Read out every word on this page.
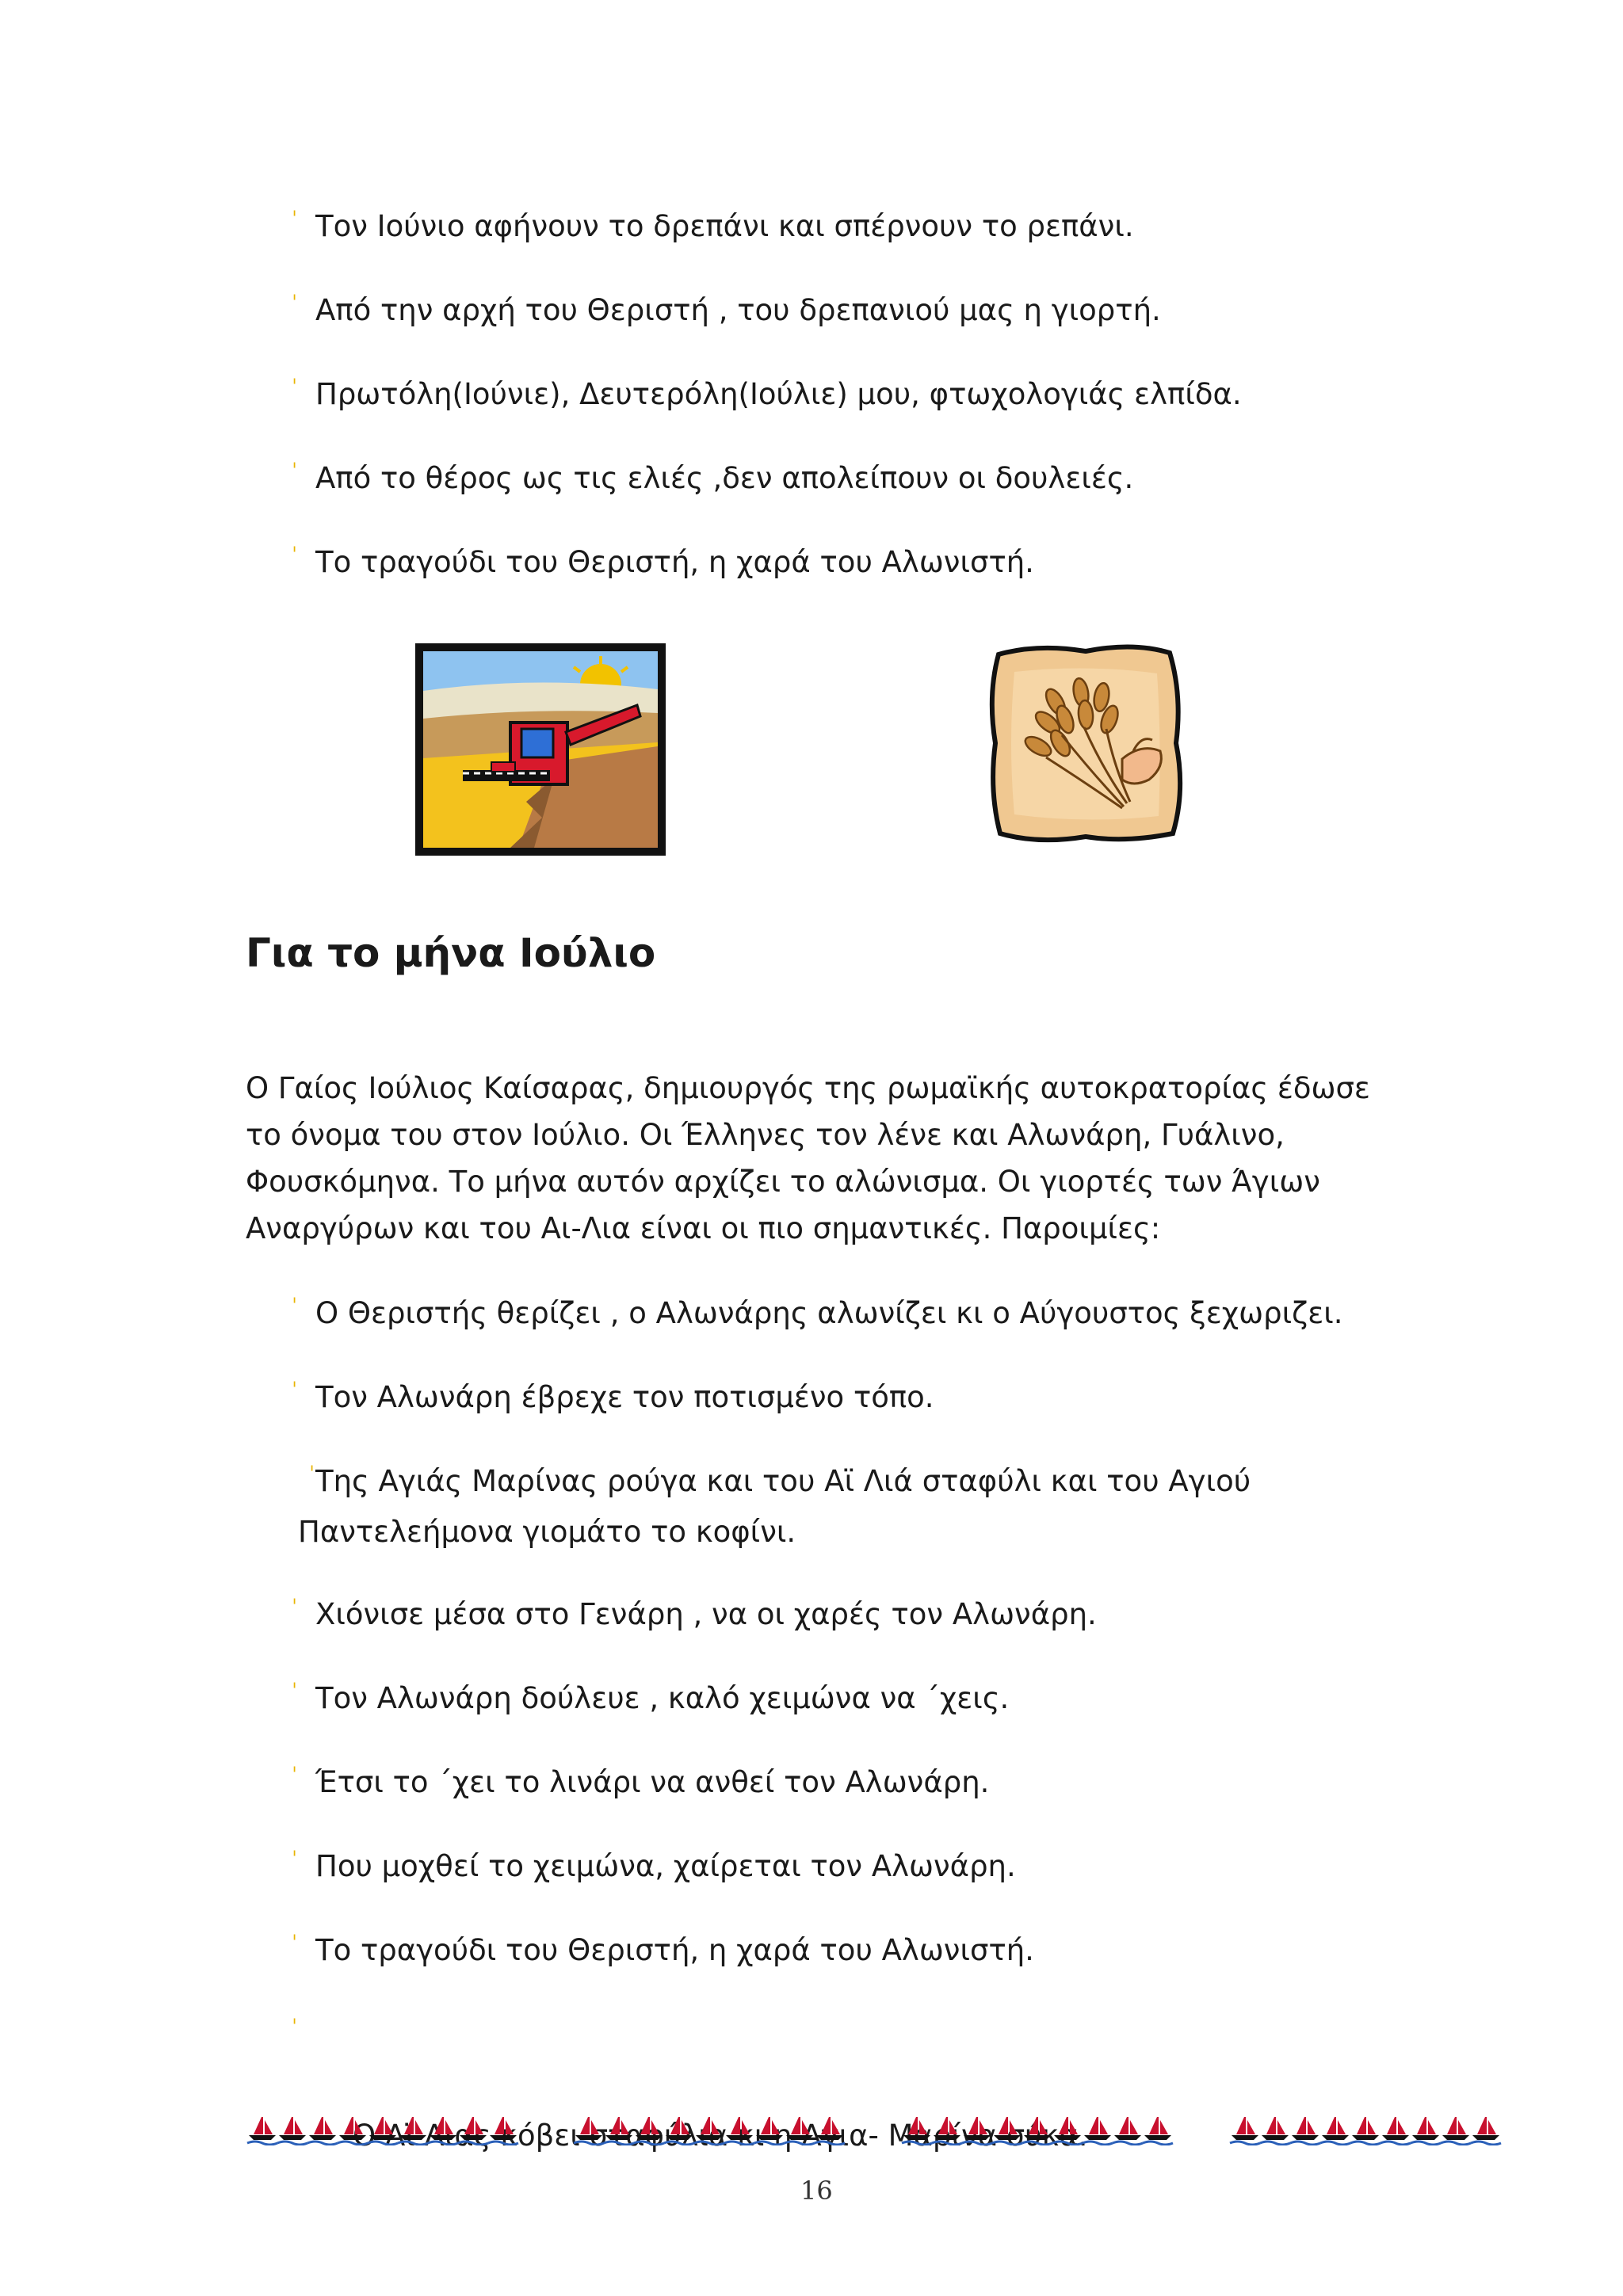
ˈ Τον Ιούνιο αφήνουν το δρεπάνι και σπέρνουν το ρεπάνι.
ˈ Από την αρχή του Θεριστή , του δρεπανιού μας η γιορτή.
ˈ Πρωτόλη(Ιούνιε), Δευτερόλη(Ιούλιε) μου, φτωχολογιάς ελπίδα.
ˈ Από το θέρος ως τις ελιές ,δεν απολείπουν οι δουλειές.
ˈ Το τραγούδι του Θεριστή, η χαρά του Αλωνιστή.
Για το μήνα Ιούλιο
Ο Γαίος Ιούλιος Καίσαρας, δημιουργός της ρωμαϊκής αυτοκρατορίας έδωσε το όνομα του στον Ιούλιο. Οι Έλληνες τον λένε και Αλωνάρη, Γυάλινο, Φουσκόμηνα. Το μήνα αυτόν αρχίζει το αλώνισμα. Οι γιορτές των Άγιων Αναργύρων και του Αι-Λια είναι οι πιο σημαντικές. Παροιμίες:
ˈ Ο Θεριστής θερίζει , ο Αλωνάρης αλωνίζει κι ο Αύγουστος ξεχωριζει.
ˈ Τον Αλωνάρη έβρεχε τον ποτισμένο τόπο.
ˈ Της Αγιάς Μαρίνας ρούγα και του Αϊ Λιά σταφύλι και του Αγιού Παντελεήμονα γιομάτο το κοφίνι.
ˈ Χιόνισε μέσα στο Γενάρη , να οι χαρές τον Αλωνάρη.
ˈ Τον Αλωνάρη δούλευε , καλό χειμώνα να ΄χεις.
ˈ Έτσι το ΄χει το λινάρι να ανθεί τον Αλωνάρη.
ˈ Που μοχθεί το χειμώνα, χαίρεται τον Αλωνάρη.
ˈ Το τραγούδι του Θεριστή, η χαρά του Αλωνιστή.

ˈ

Ο Αϊ Λιας κόβει σταφύλια κι η Αγια-  σύκα.

16
